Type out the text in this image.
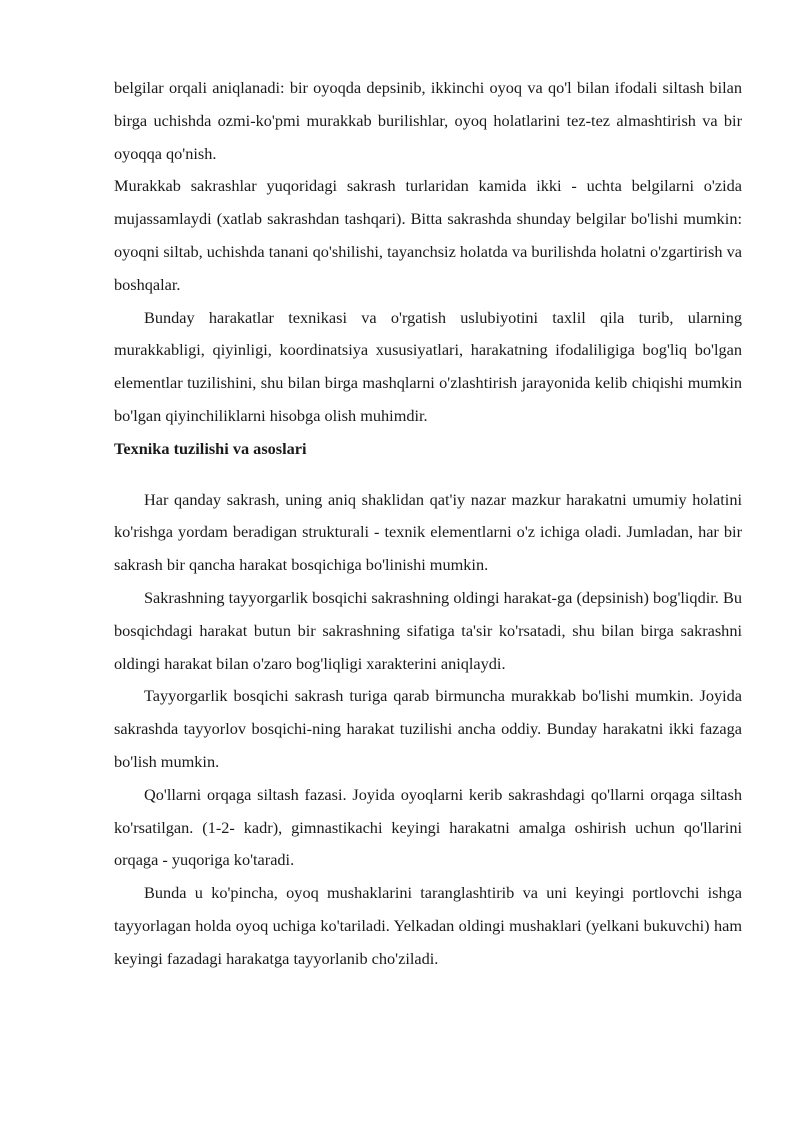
belgilar orqali aniqlanadi: bir oyoqda depsinib, ikkinchi oyoq va qo'l bilan ifodali siltash bilan birga uchishda ozmi-ko'pmi murakkab burilishlar, oyoq holatlarini tez-tez almashtirish va bir oyoqqa qo'nish.

Murakkab sakrashlar yuqoridagi sakrash turlaridan kamida ikki - uchta belgilarni o'zida mujassamlaydi (xatlab sakrashdan tashqari). Bitta sakrashda shunday belgilar bo'lishi mumkin: oyoqni siltab, uchishda tanani qo'shilishi, tayanchsiz holatda va burilishda holatni o'zgartirish va boshqalar.

Bunday harakatlar texnikasi va o'rgatish uslubiyotini taxlil qila turib, ularning murakkabligi, qiyinligi, koordinatsiya xususiyatlari, harakatning ifodaliligiga bog'liq bo'lgan elementlar tuzilishini, shu bilan birga mashqlarni o'zlashtirish jarayonida kelib chiqishi mumkin bo'lgan qiyinchiliklarni hisobga olish muhimdir.

Texnika tuzilishi va asoslari

Har qanday sakrash, uning aniq shaklidan qat'iy nazar mazkur harakatni umumiy holatini ko'rishga yordam beradigan strukturali - texnik elementlarni o'z ichiga oladi. Jumladan, har bir sakrash bir qancha harakat bosqichiga bo'linishi mumkin.

Sakrashning tayyorgarlik bosqichi sakrashning oldingi harakat-ga (depsinish) bog'liqdir. Bu bosqichdagi harakat butun bir sakrashning sifatiga ta'sir ko'rsatadi, shu bilan birga sakrashni oldingi harakat bilan o'zaro bog'liqligi xarakterini aniqlaydi.

Tayyorgarlik bosqichi sakrash turiga qarab birmuncha murakkab bo'lishi mumkin. Joyida sakrashda tayyorlov bosqichi-ning harakat tuzilishi ancha oddiy. Bunday harakatni ikki fazaga bo'lish mumkin.

Qo'llarni orqaga siltash fazasi. Joyida oyoqlarni kerib sakrashdagi qo'llarni orqaga siltash ko'rsatilgan. (1-2- kadr), gimnastikachi keyingi harakatni amalga oshirish uchun qo'llarini orqaga - yuqoriga ko'taradi.

Bunda u ko'pincha, oyoq mushaklarini taranglashtirib va uni keyingi portlovchi ishga tayyorlagan holda oyoq uchiga ko'tariladi. Yelkadan oldingi mushaklari (yelkani bukuvchi) ham keyingi fazadagi harakatga tayyorlanib cho'ziladi.
